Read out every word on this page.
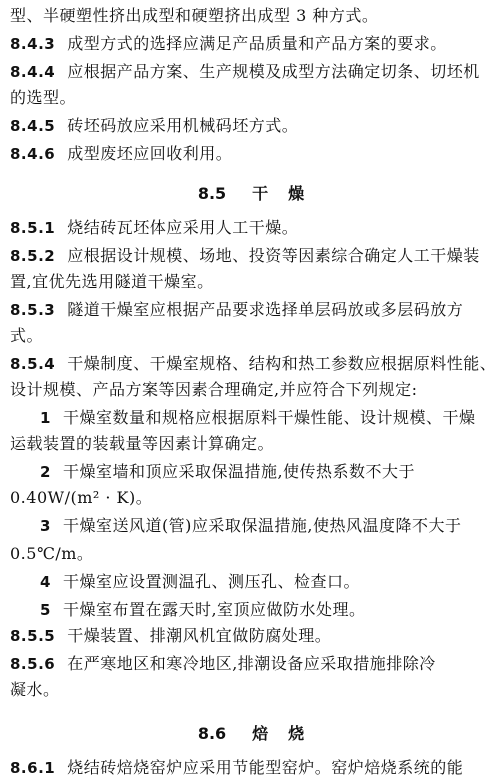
型、半硬塑性挤出成型和硬塑挤出成型 3 种方式。
8.4.3 成型方式的选择应满足产品质量和产品方案的要求。
8.4.4 应根据产品方案、生产规模及成型方法确定切条、切坯机
的选型。
8.4.5 砖坯码放应采用机械码坯方式。
8.4.6 成型废坯应回收利用。
8.5 干　燥
8.5.1 烧结砖瓦坯体应采用人工干燥。
8.5.2 应根据设计规模、场地、投资等因素综合确定人工干燥装
置,宜优先选用隧道干燥室。
8.5.3 隧道干燥室应根据产品要求选择单层码放或多层码放方
式。
8.5.4 干燥制度、干燥室规格、结构和热工参数应根据原料性能、
设计规模、产品方案等因素合理确定,并应符合下列规定:
1 干燥室数量和规格应根据原料干燥性能、设计规模、干燥
运载装置的装载量等因素计算确定。
2 干燥室墙和顶应采取保温措施,使传热系数不大于
0.40W/(m² · K)。
3 干燥室送风道(管)应采取保温措施,使热风温度降不大于
0.5℃/m。
4 干燥室应设置测温孔、测压孔、检查口。
5 干燥室布置在露天时,室顶应做防水处理。
8.5.5 干燥装置、排潮风机宜做防腐处理。
8.5.6 在严寒地区和寒冷地区,排潮设备应采取措施排除冷
凝水。
8.6 焙　烧
8.6.1 烧结砖焙烧窑炉应采用节能型窑炉。窑炉焙烧系统的能
